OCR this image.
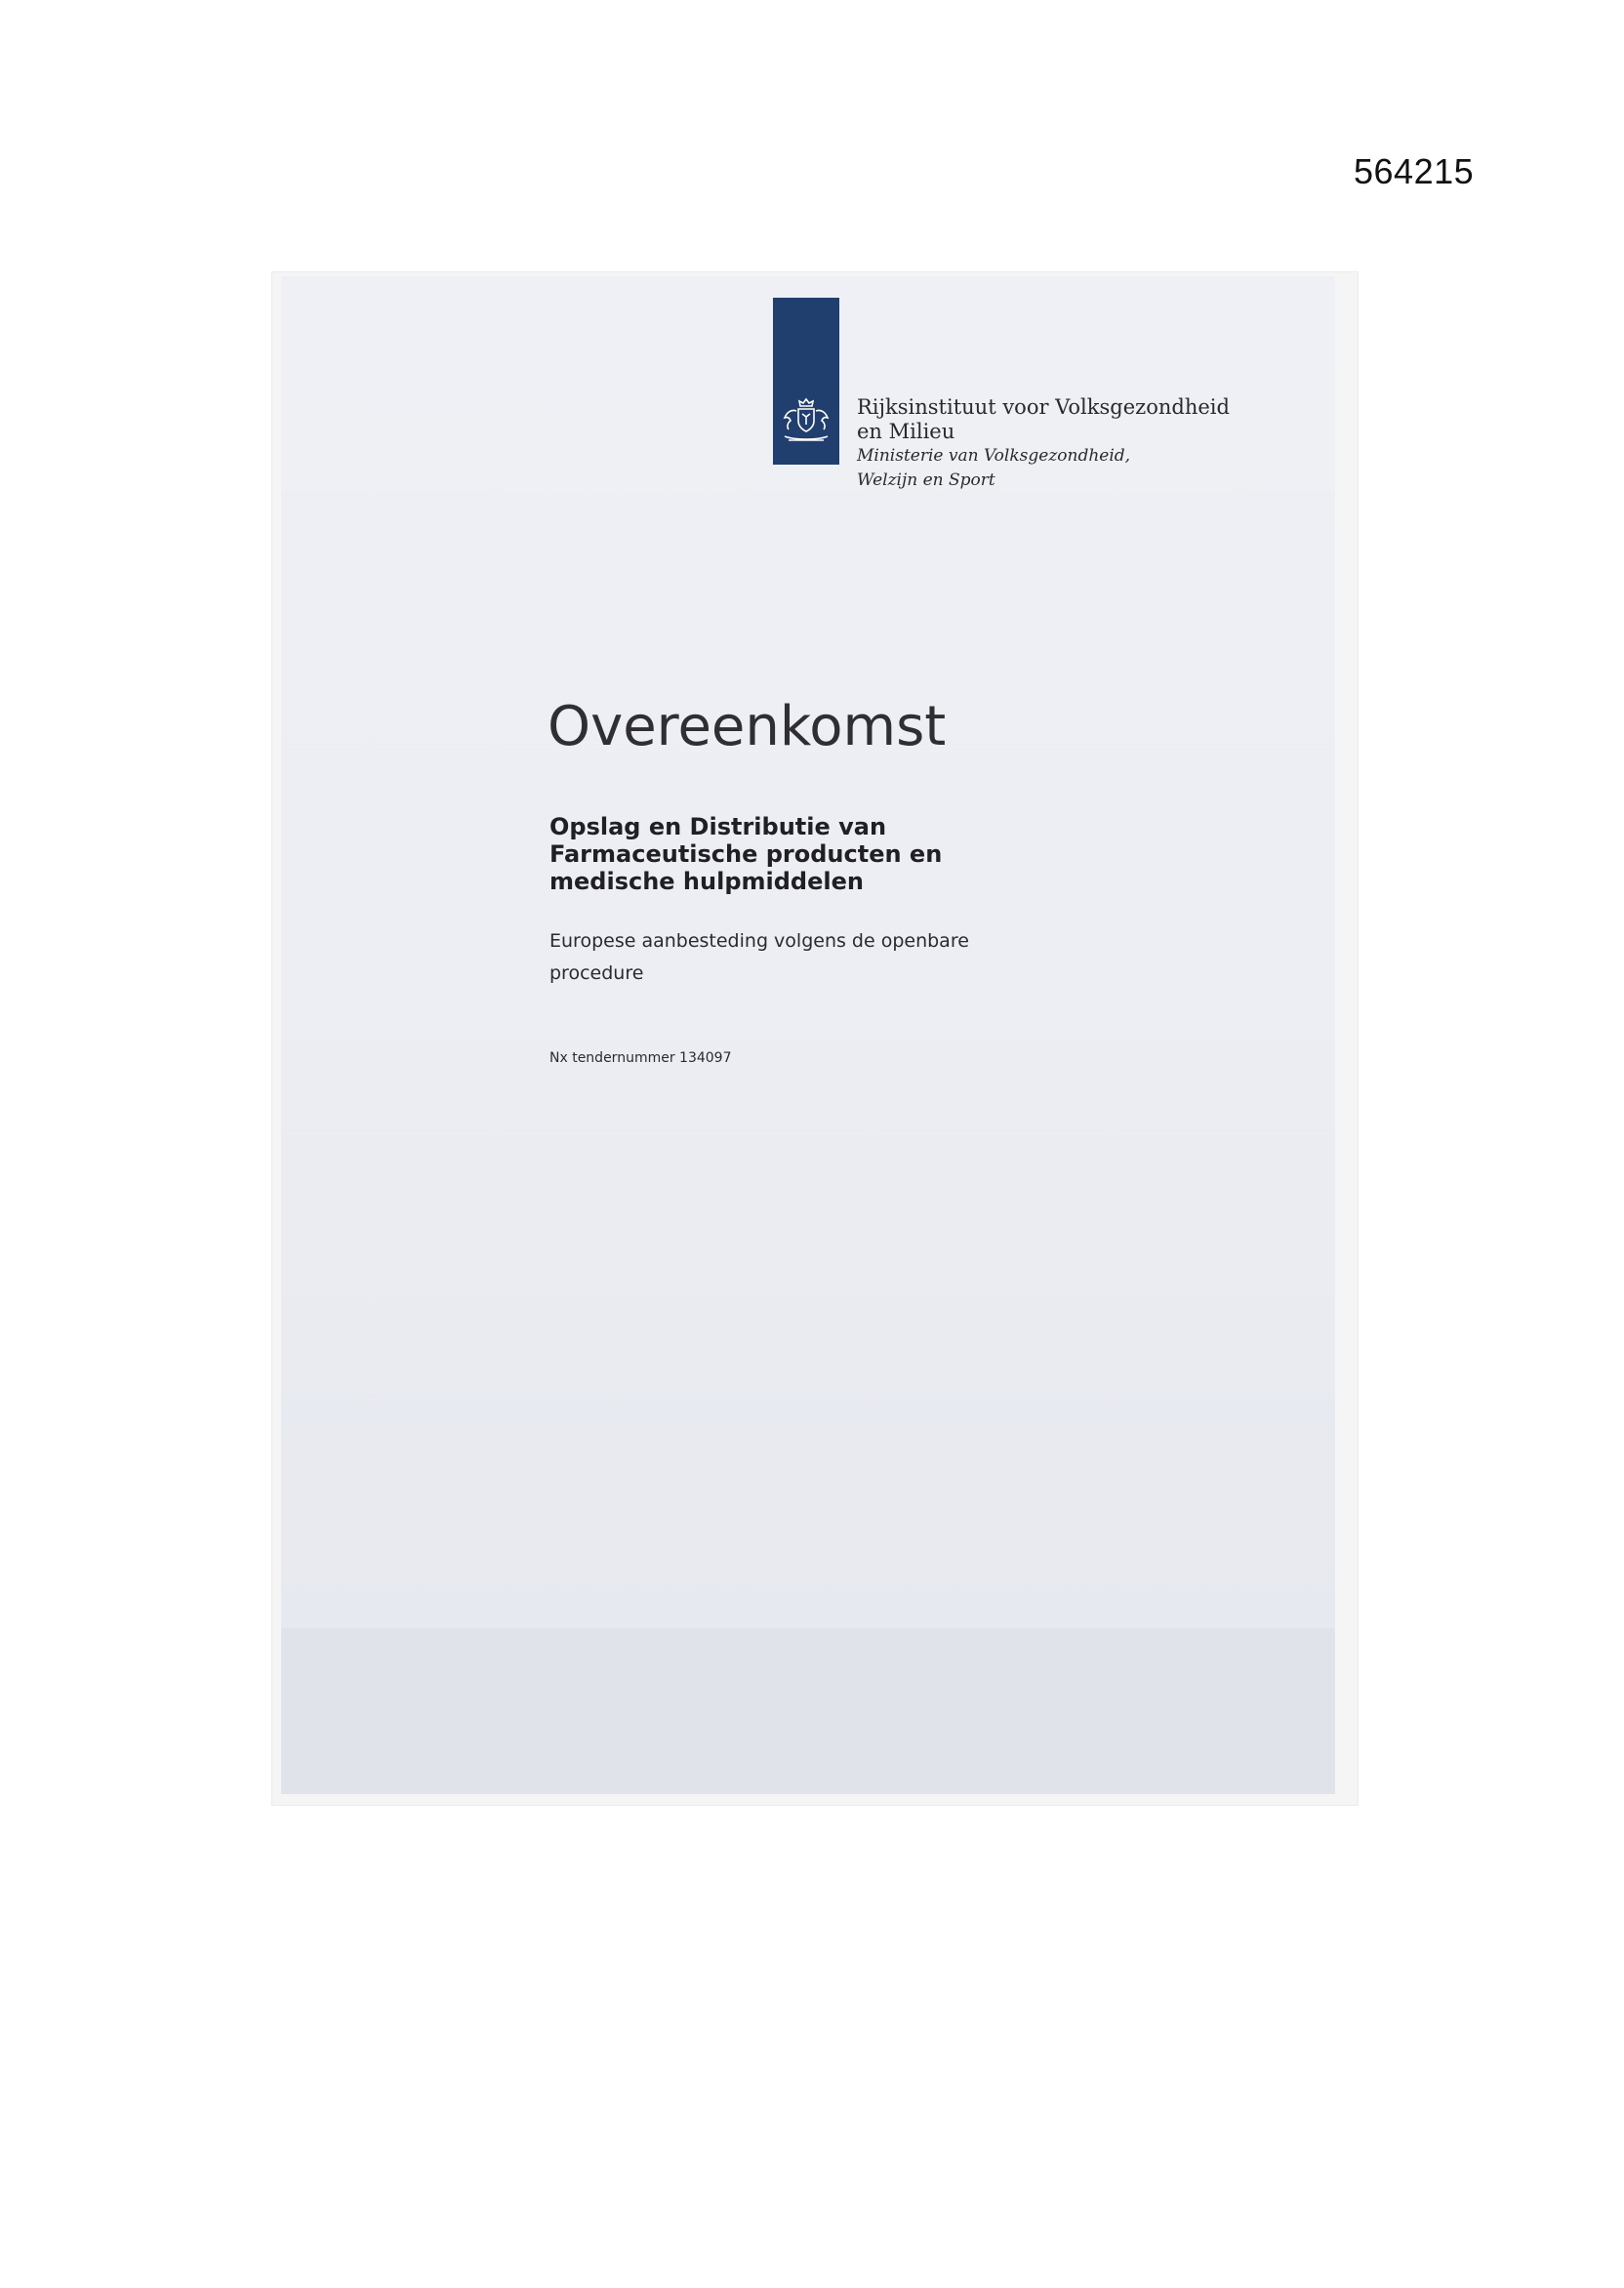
564215
Rijksinstituut voor Volksgezondheid
en Milieu
Ministerie van Volksgezondheid,
Welzijn en Sport
Overeenkomst
Opslag en Distributie van
Farmaceutische producten en
medische hulpmiddelen
Europese aanbesteding volgens de openbare
procedure
Nx tendernummer 134097
